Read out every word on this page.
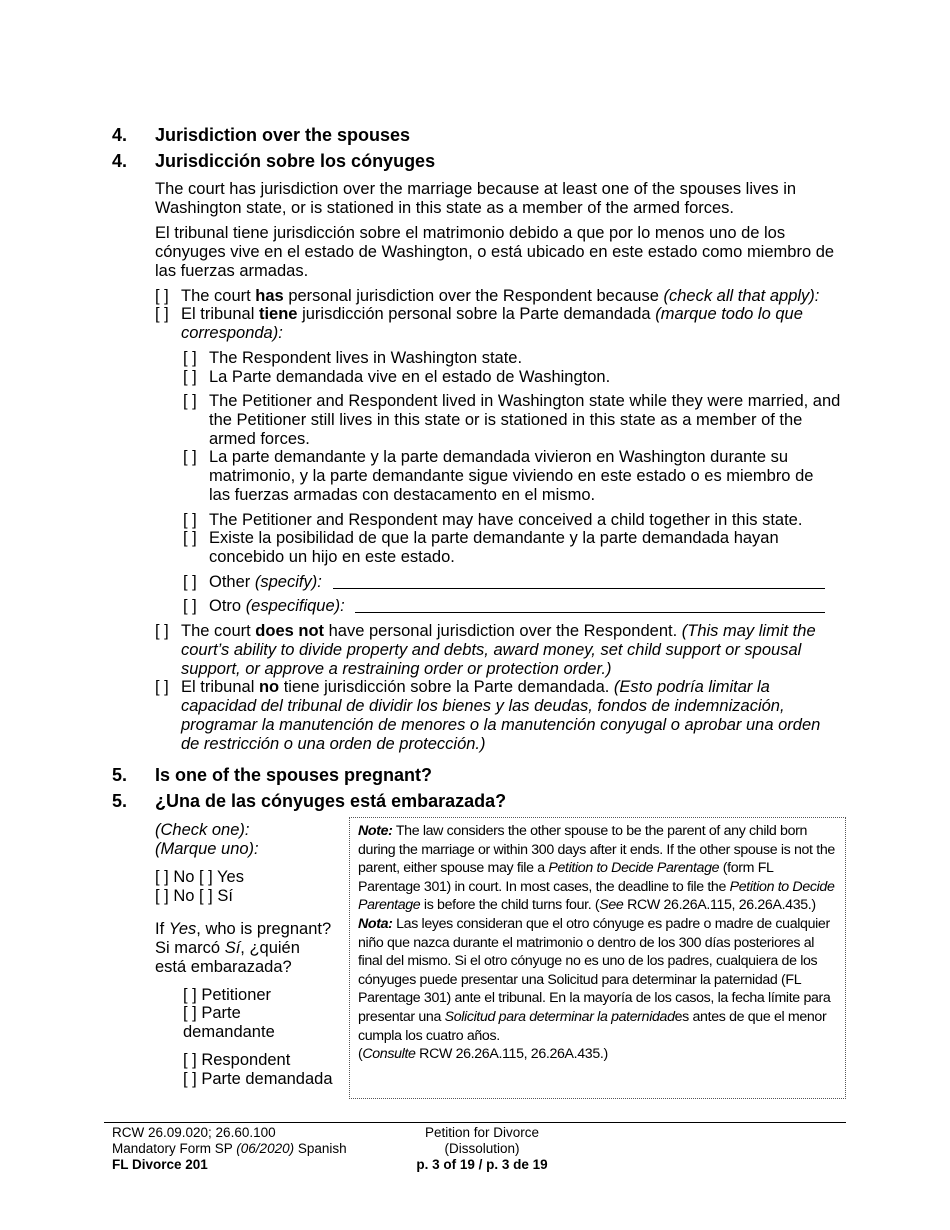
4. Jurisdiction over the spouses
4. Jurisdicción sobre los cónyuges
The court has jurisdiction over the marriage because at least one of the spouses lives in Washington state, or is stationed in this state as a member of the armed forces.
El tribunal tiene jurisdicción sobre el matrimonio debido a que por lo menos uno de los cónyuges vive en el estado de Washington, o está ubicado en este estado como miembro de las fuerzas armadas.
[ ] The court has personal jurisdiction over the Respondent because (check all that apply):
[ ] El tribunal tiene jurisdicción personal sobre la Parte demandada (marque todo lo que corresponda):
[ ] The Respondent lives in Washington state.
[ ] La Parte demandada vive en el estado de Washington.
[ ] The Petitioner and Respondent lived in Washington state while they were married, and the Petitioner still lives in this state or is stationed in this state as a member of the armed forces.
[ ] La parte demandante y la parte demandada vivieron en Washington durante su matrimonio, y la parte demandante sigue viviendo en este estado o es miembro de las fuerzas armadas con destacamento en el mismo.
[ ] The Petitioner and Respondent may have conceived a child together in this state.
[ ] Existe la posibilidad de que la parte demandante y la parte demandada hayan concebido un hijo en este estado.
[ ] Other (specify):
[ ] Otro (especifique):
[ ] The court does not have personal jurisdiction over the Respondent. (This may limit the court’s ability to divide property and debts, award money, set child support or spousal support, or approve a restraining order or protection order.)
[ ] El tribunal no tiene jurisdicción sobre la Parte demandada. (Esto podría limitar la capacidad del tribunal de dividir los bienes y las deudas, fondos de indemnización, programar la manutención de menores o la manutención conyugal o aprobar una orden de restricción o una orden de protección.)
5. Is one of the spouses pregnant?
5. ¿Una de las cónyuges está embarazada?
(Check one):
(Marque uno):
[ ] No [ ] Yes
[ ] No [ ] Sí
If Yes, who is pregnant?
Si marcó Sí, ¿quién está embarazada?
[ ] Petitioner
[ ] Parte demandante
[ ] Respondent
[ ] Parte demandada
Note: The law considers the other spouse to be the parent of any child born during the marriage or within 300 days after it ends. If the other spouse is not the parent, either spouse may file a Petition to Decide Parentage (form FL Parentage 301) in court. In most cases, the deadline to file the Petition to Decide Parentage is before the child turns four. (See RCW 26.26A.115, 26.26A.435.)
Nota: Las leyes consideran que el otro cónyuge es padre o madre de cualquier niño que nazca durante el matrimonio o dentro de los 300 días posteriores al final del mismo. Si el otro cónyuge no es uno de los padres, cualquiera de los cónyuges puede presentar una Solicitud para determinar la paternidad (FL Parentage 301) ante el tribunal. En la mayoría de los casos, la fecha límite para presentar una Solicitud para determinar la paternidades antes de que el menor cumpla los cuatro años.
(Consulte RCW 26.26A.115, 26.26A.435.)
RCW 26.09.020; 26.60.100
Mandatory Form SP (06/2020) Spanish
FL Divorce 201
Petition for Divorce
(Dissolution)
p. 3 of 19 / p. 3 de 19
